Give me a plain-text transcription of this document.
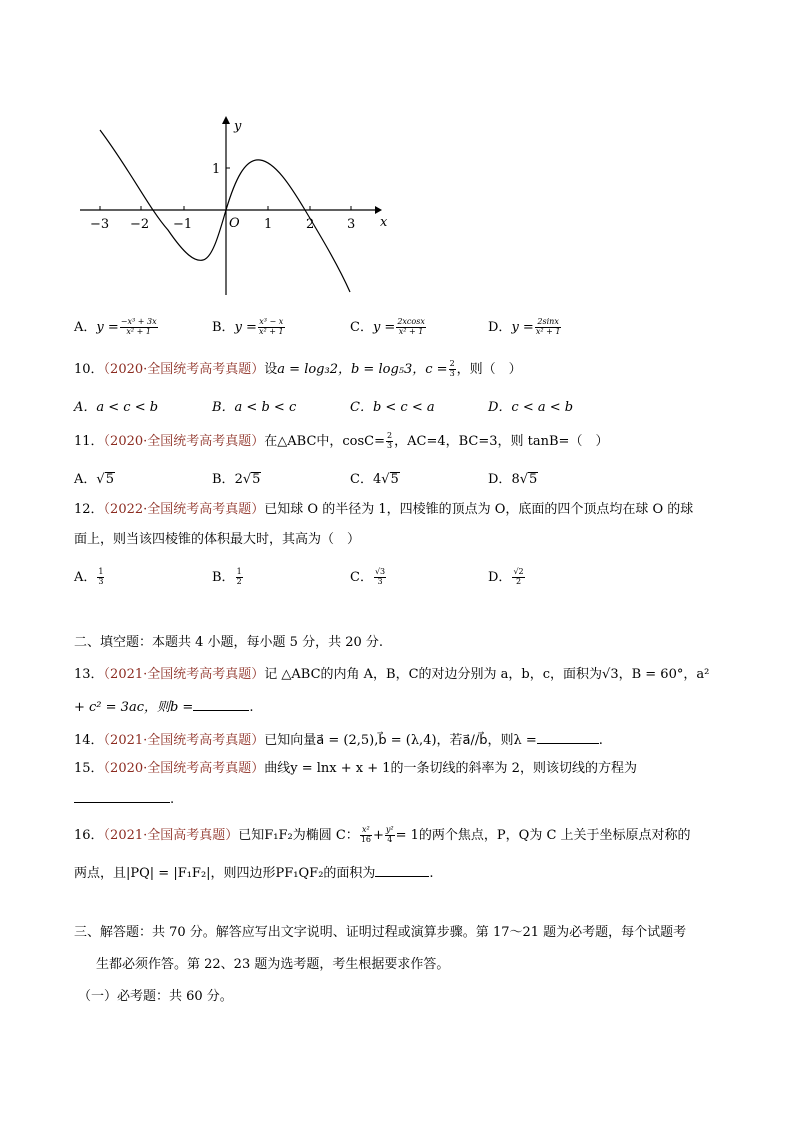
−3 −2 −1	O 1	2	3
1
x
y
A．$y = \frac{\text{−x³ + 3x}}{\text{x² + 1}}$	B．$y = \frac{\text{x³ − x}}{\text{x² + 1}}$	C．$y = \frac{2xcosx}{\text{x² + 1}}$	D．$y = \frac{2\sin x}{\text{x² + 1}}$
10．（2020·全国统考高考真题）设a = log₃2，b = log₅3，$c = \frac{2}{3}$ ，则（　）
A．a < c < b	B．a < b < c	C．b < c < a	D．c < a < b
11．（2020·全国统考高考真题）在△ABC中，$\cos C= \frac{2}{3}$ ，AC=4，BC=3，则 tanB=（　）
A．√5	B．2√5	C．4√5	D．8√5
12．（2022·全国统考高考真题）已知球 O 的半径为 1，四棱锥的顶点为 O，底面的四个顶点均在球 O 的球
面上，则当该四棱锥的体积最大时，其高为（　）
A． $\frac{1}{3}$	B． $\frac{1}{2}$	C． $\frac{√3}{3}$	D． $\frac{√2}{2}$
二、填空题：本题共 4 小题，每小题 5 分，共 20 分.
13．（2021·全国统考高考真题）记 △ABC的内角 A，B，C的对边分别为 a，b，c，面积为√3，B = 60°，a²
+ c² = 3ac，则b =	.
14．（2021·全国统考高考真题）已知向量a⃗ = (2,5),b⃗ = (λ,4)，若a⃗//b⃗，则λ =	.
15．（2020·全国统考高考真题）曲线y = lnx + x + 1的一条切线的斜率为 2，则该切线的方程为
.
16．（2021·全国高考真题）已知F₁F₂为椭圆 C： $\frac{\text{x²}}{16} + \frac{\text{y²}}{4} = 1$的两个焦点，P，Q为 C 上关于坐标原点对称的
两点，且|PQ| = |F₁F₂|，则四边形PF₁QF₂的面积为	.
三、解答题：共 70 分。解答应写出文字说明、证明过程或演算步骤。第 17～21 题为必考题，每个试题考
生都必须作答。第 22、23 题为选考题，考生根据要求作答。
（一）必考题：共 60 分。
